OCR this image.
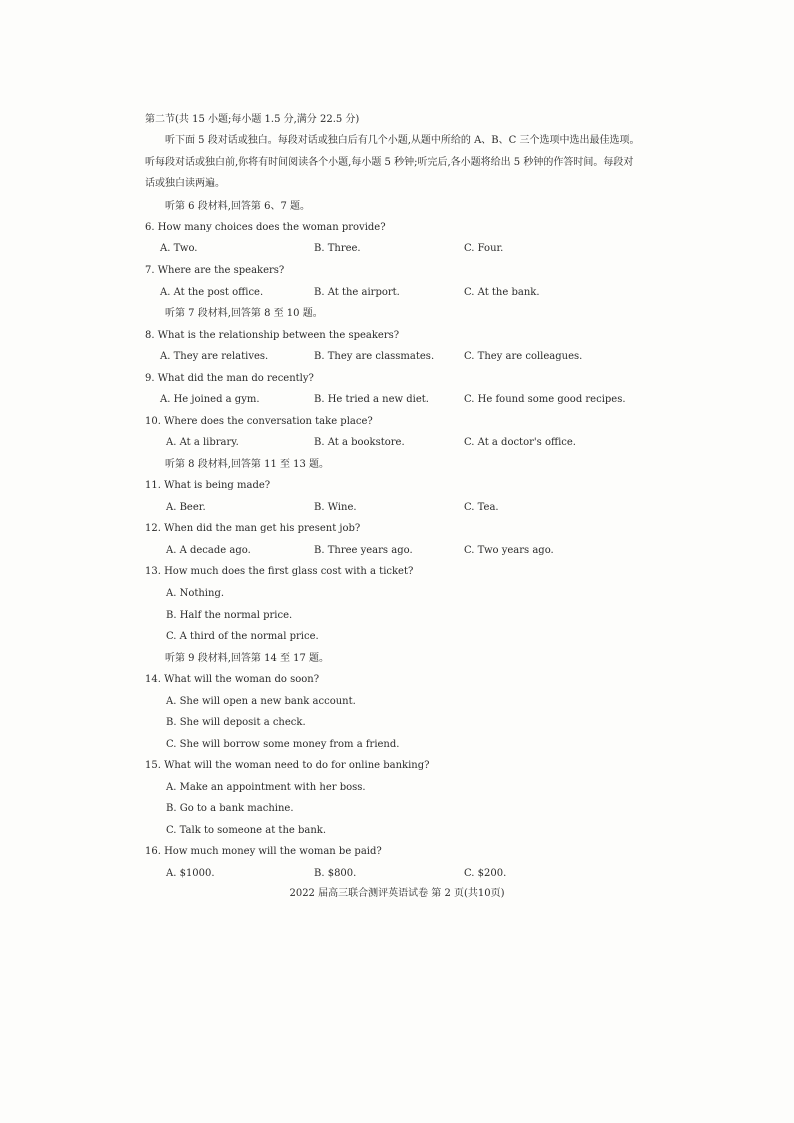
第二节(共 15 小题;每小题 1.5 分,满分 22.5 分)
听下面 5 段对话或独白。每段对话或独白后有几个小题,从题中所给的 A、B、C 三个选项中选出最佳选项。听每段对话或独白前,你将有时间阅读各个小题,每小题 5 秒钟;听完后,各小题将给出 5 秒钟的作答时间。每段对话或独白读两遍。
听第 6 段材料,回答第 6、7 题。
6. How many choices does the woman provide?
A. Two.	B. Three.	C. Four.
7. Where are the speakers?
A. At the post office.	B. At the airport.	C. At the bank.
听第 7 段材料,回答第 8 至 10 题。
8. What is the relationship between the speakers?
A. They are relatives.	B. They are classmates.	C. They are colleagues.
9. What did the man do recently?
A. He joined a gym.	B. He tried a new diet.	C. He found some good recipes.
10. Where does the conversation take place?
A. At a library.	B. At a bookstore.	C. At a doctor's office.
听第 8 段材料,回答第 11 至 13 题。
11. What is being made?
A. Beer.	B. Wine.	C. Tea.
12. When did the man get his present job?
A. A decade ago.	B. Three years ago.	C. Two years ago.
13. How much does the first glass cost with a ticket?
A. Nothing.
B. Half the normal price.
C. A third of the normal price.
听第 9 段材料,回答第 14 至 17 题。
14. What will the woman do soon?
A. She will open a new bank account.
B. She will deposit a check.
C. She will borrow some money from a friend.
15. What will the woman need to do for online banking?
A. Make an appointment with her boss.
B. Go to a bank machine.
C. Talk to someone at the bank.
16. How much money will the woman be paid?
A. $1000.	B. $800.	C. $200.
2022 届高三联合测评英语试卷 第 2 页(共10页)
